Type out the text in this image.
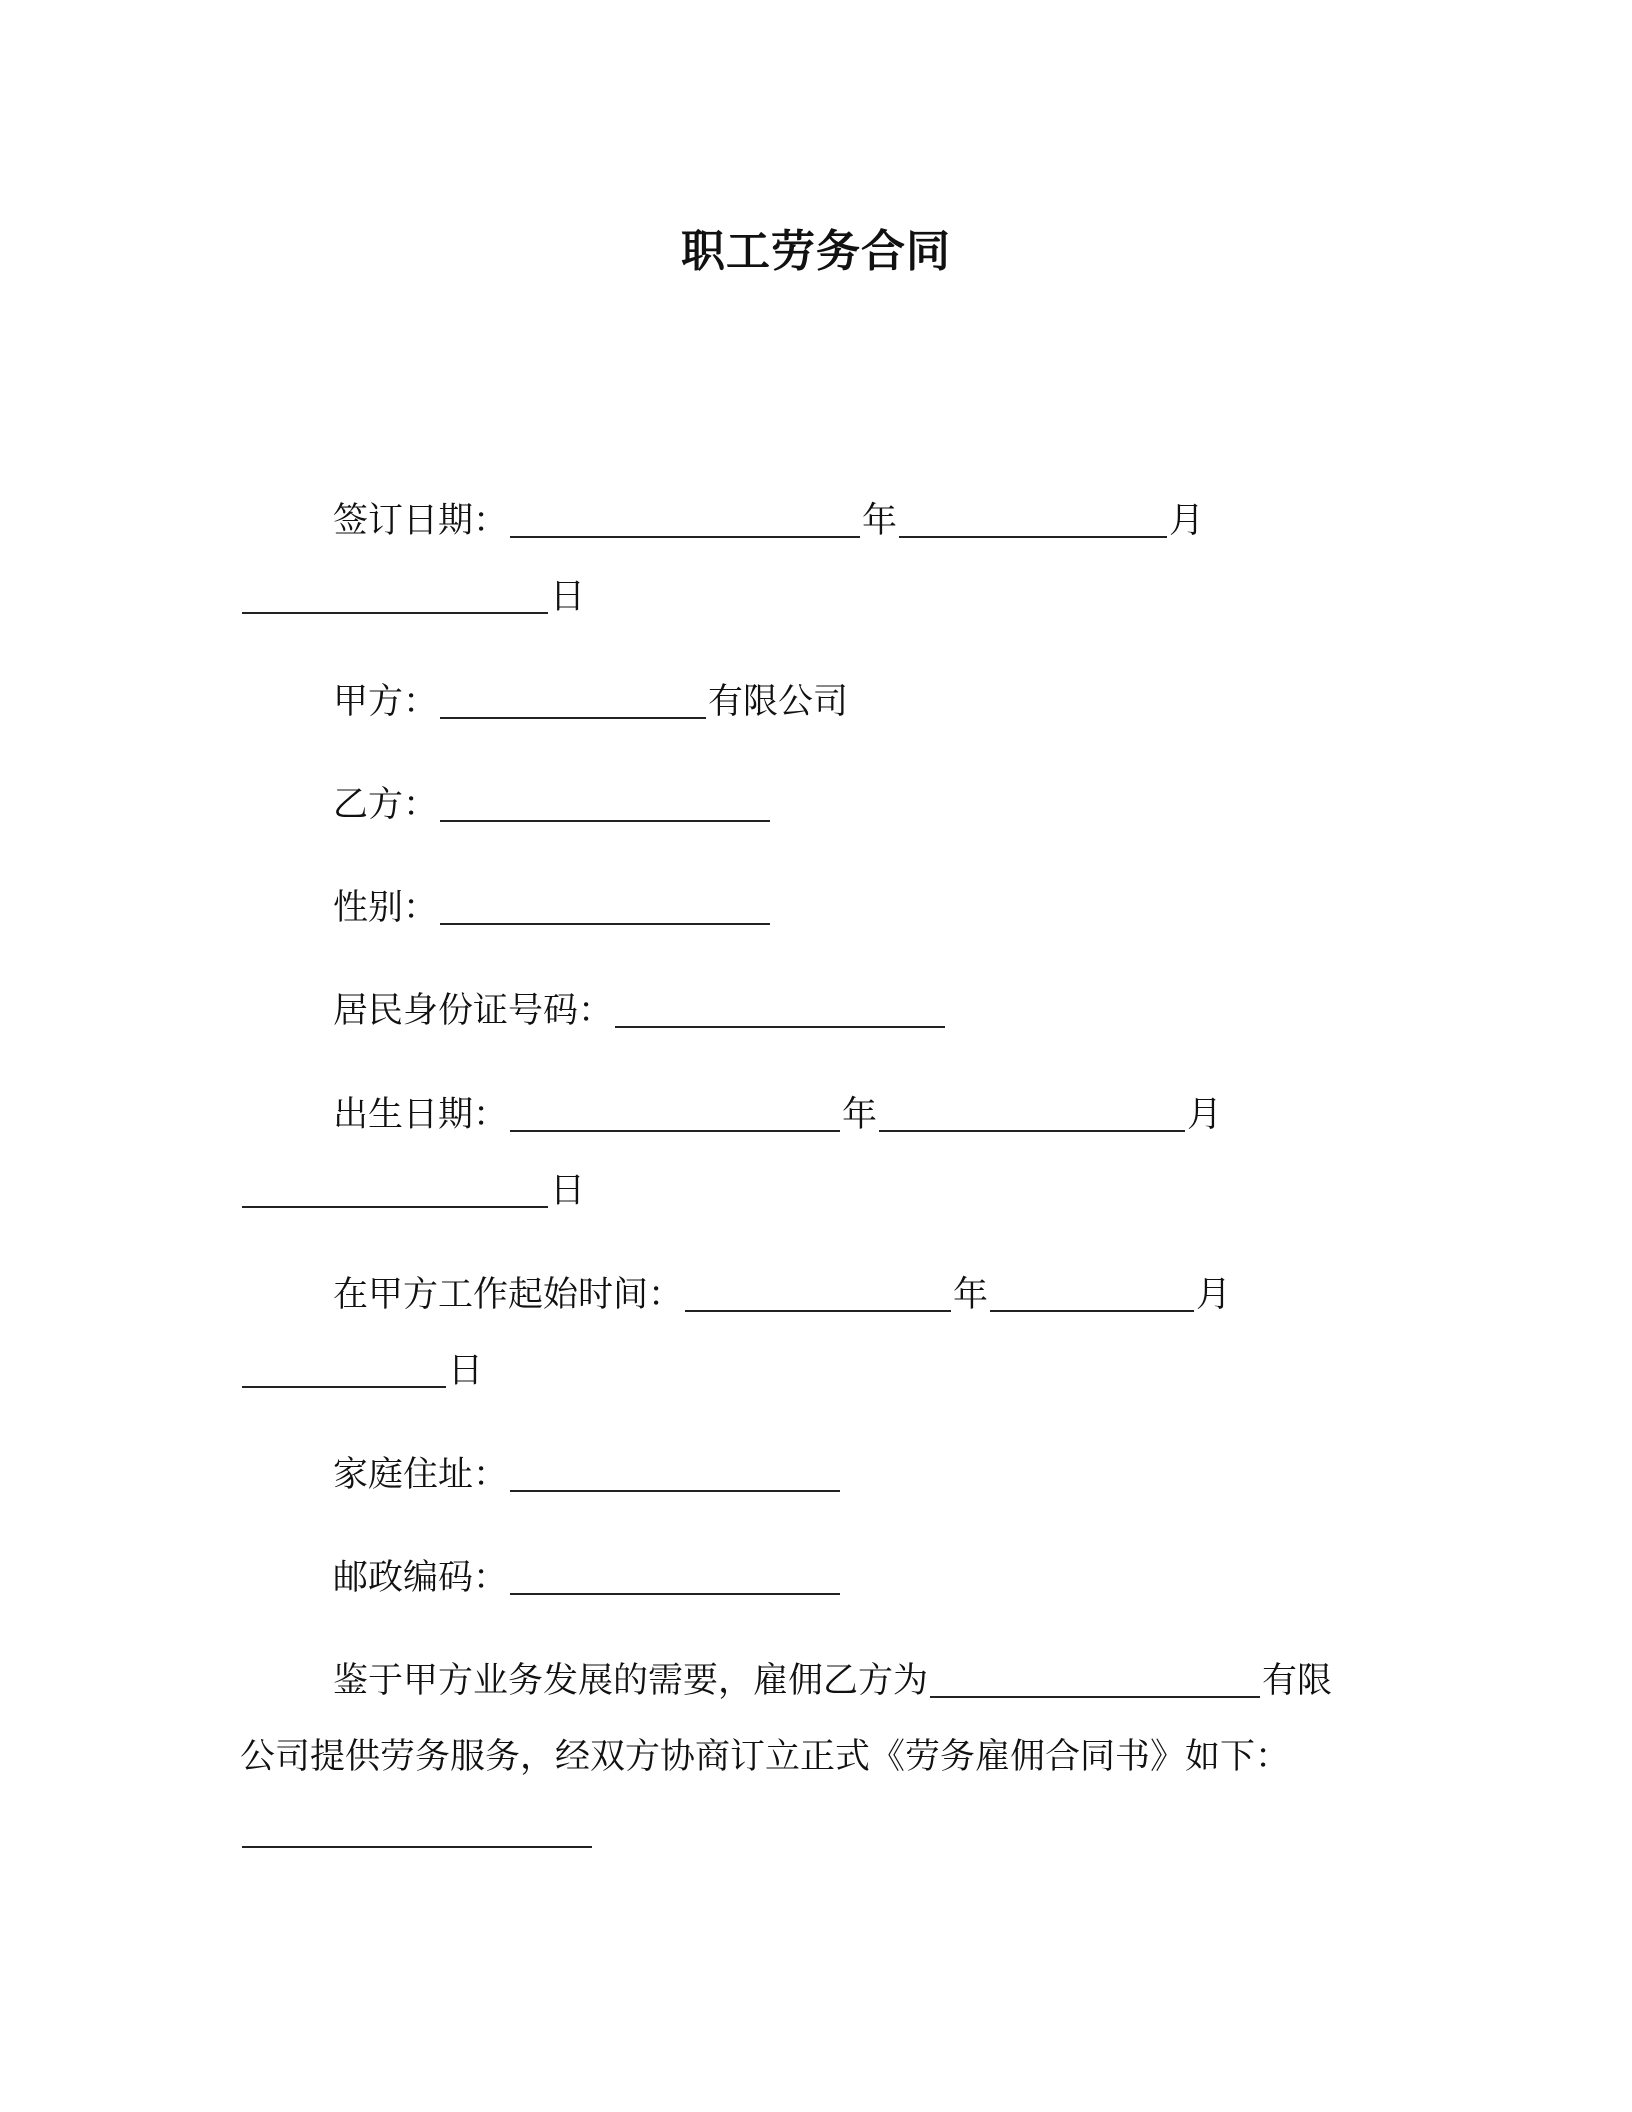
职工劳务合同
签订日期：	年	月
日
甲方：	有限公司
乙方：
性别：
居民身份证号码：
出生日期：	年	月
日
在甲方工作起始时间：	年	月
日
家庭住址：
邮政编码：
鉴于甲方业务发展的需要，雇佣乙方为	有限
公司提供劳务服务，经双方协商订立正式《劳务雇佣合同书》如下：
